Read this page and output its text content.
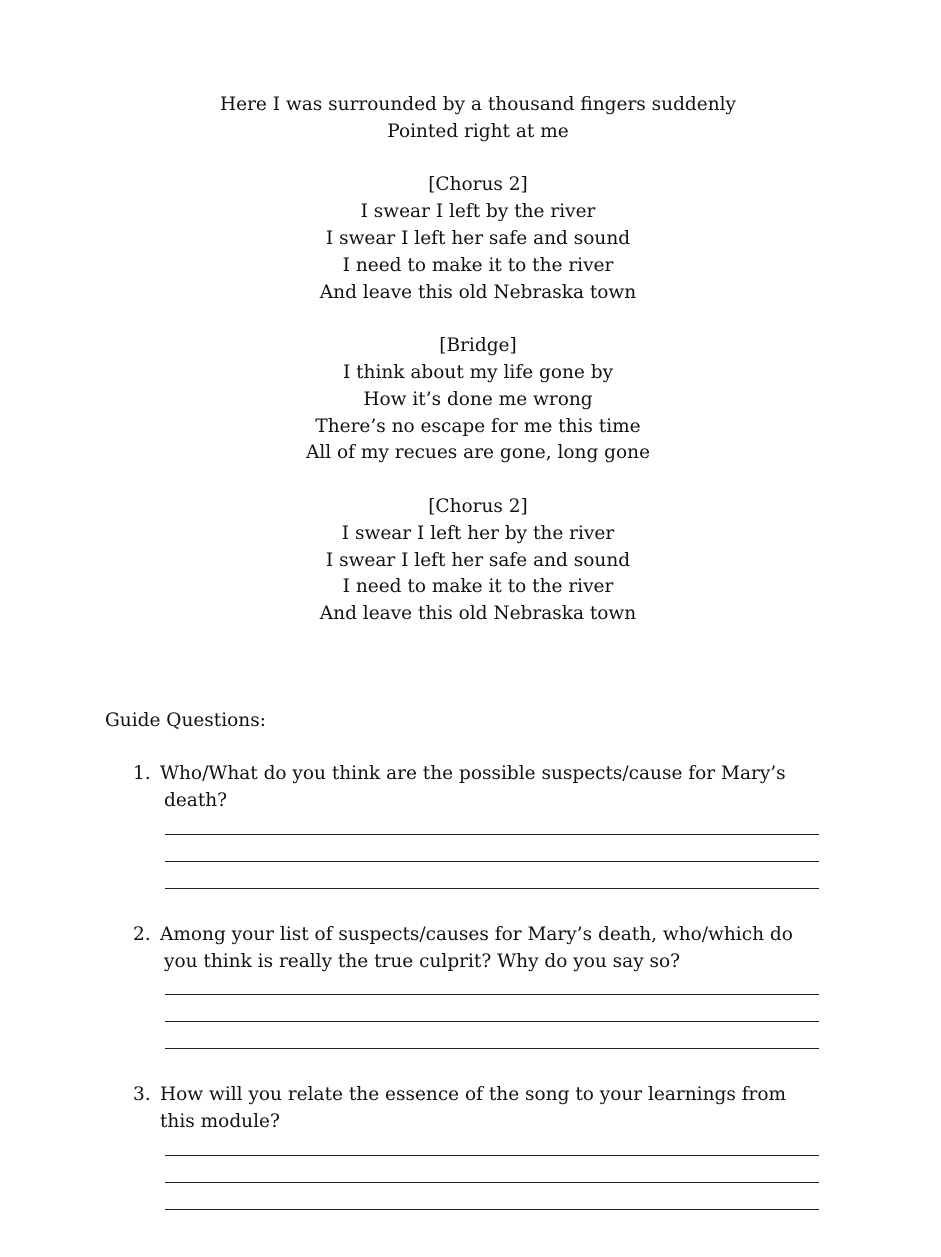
Here I was surrounded by a thousand fingers suddenly
Pointed right at me
[Chorus 2]
I swear I left by the river
I swear I left her safe and sound
I need to make it to the river
And leave this old Nebraska town
[Bridge]
I think about my life gone by
How it’s done me wrong
There’s no escape for me this time
All of my recues are gone, long gone
[Chorus 2]
I swear I left her by the river
I swear I left her safe and sound
I need to make it to the river
And leave this old Nebraska town
Guide Questions:
1. Who/What do you think are the possible suspects/cause for Mary’s
death?
2. Among your list of suspects/causes for Mary’s death, who/which do
you think is really the true culprit? Why do you say so?
3. How will you relate the essence of the song to your learnings from
this module?
